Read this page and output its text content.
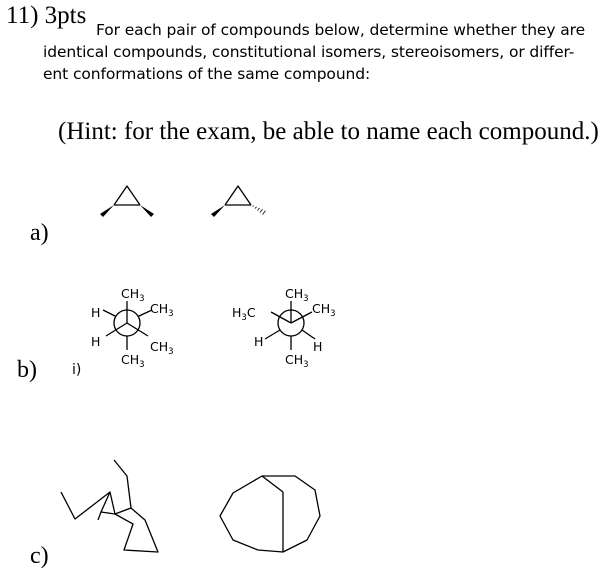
11) 3pts
For each pair of compounds below, determine whether they are
identical compounds, constitutional isomers, stereoisomers, or differ-
ent conformations of the same compound:
(Hint: for the exam, be able to name each compound.)
a)
b)	i)
c)
$CH_3$
H	$CH_3$
H	$CH_3$
$CH_3$
$CH_3$
$H_3C$	$CH_3$
H	H
$CH_3$
